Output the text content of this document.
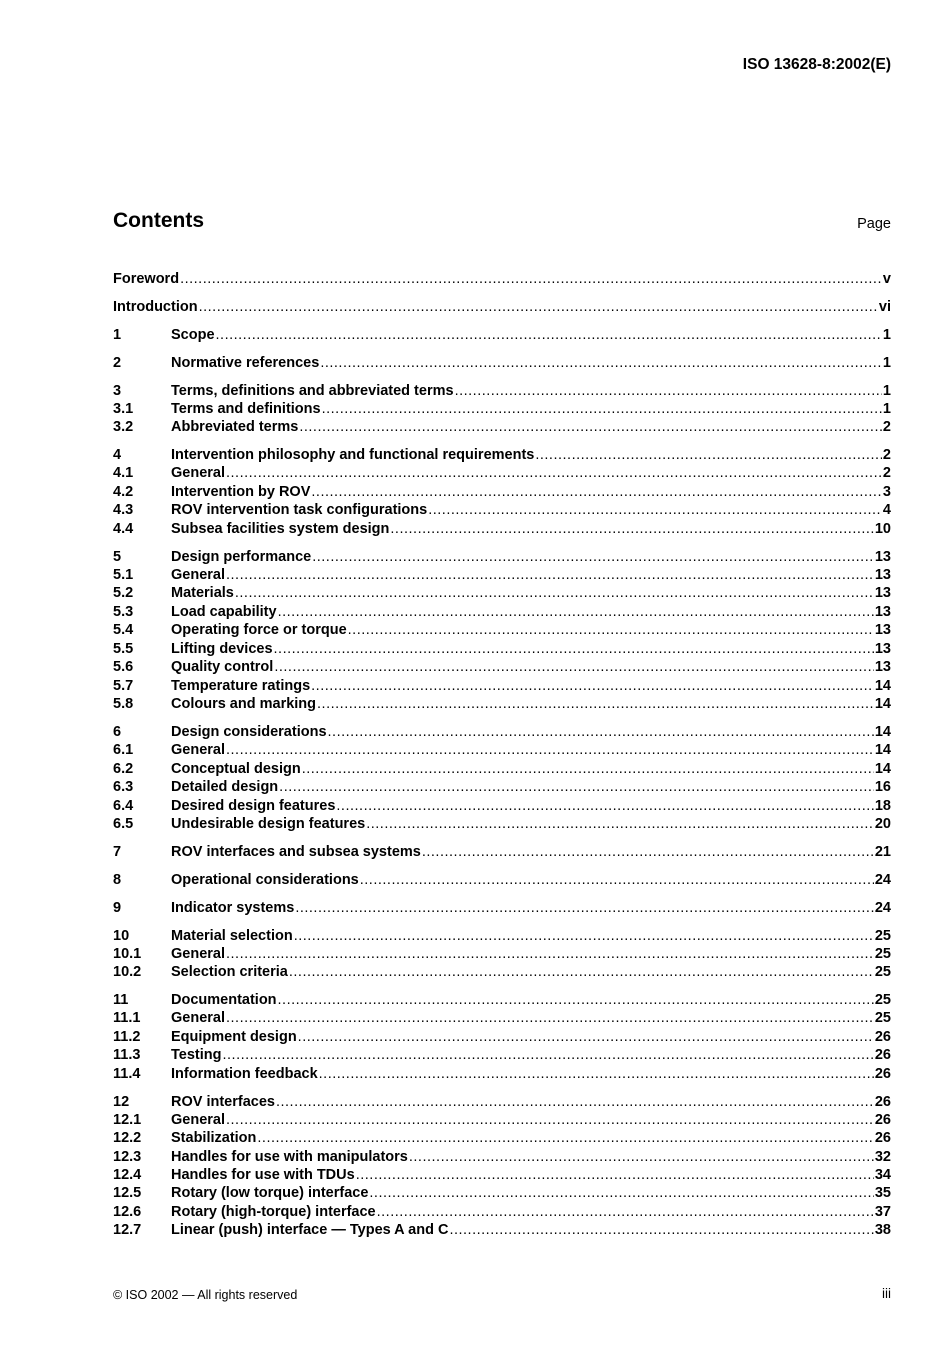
ISO 13628-8:2002(E)
Contents	Page
Foreword .....	v
Introduction .....	vi
1	Scope .....	1
2	Normative references .....	1
3	Terms, definitions and abbreviated terms .....	1
3.1	Terms and definitions .....	1
3.2	Abbreviated terms .....	2
4	Intervention philosophy and functional requirements .....	2
4.1	General .....	2
4.2	Intervention by ROV .....	3
4.3	ROV intervention task configurations .....	4
4.4	Subsea facilities system design .....	10
5	Design performance .....	13
5.1	General .....	13
5.2	Materials .....	13
5.3	Load capability .....	13
5.4	Operating force or torque .....	13
5.5	Lifting devices .....	13
5.6	Quality control .....	13
5.7	Temperature ratings .....	14
5.8	Colours and marking .....	14
6	Design considerations .....	14
6.1	General .....	14
6.2	Conceptual design .....	14
6.3	Detailed design .....	16
6.4	Desired design features .....	18
6.5	Undesirable design features .....	20
7	ROV interfaces and subsea systems .....	21
8	Operational considerations .....	24
9	Indicator systems .....	24
10	Material selection .....	25
10.1	General .....	25
10.2	Selection criteria .....	25
11	Documentation .....	25
11.1	General .....	25
11.2	Equipment design .....	26
11.3	Testing .....	26
11.4	Information feedback .....	26
12	ROV interfaces .....	26
12.1	General .....	26
12.2	Stabilization .....	26
12.3	Handles for use with manipulators .....	32
12.4	Handles for use with TDUs .....	34
12.5	Rotary (low torque) interface .....	35
12.6	Rotary (high-torque) interface .....	37
12.7	Linear (push) interface — Types A and C .....	38
© ISO 2002 — All rights reserved	iii
